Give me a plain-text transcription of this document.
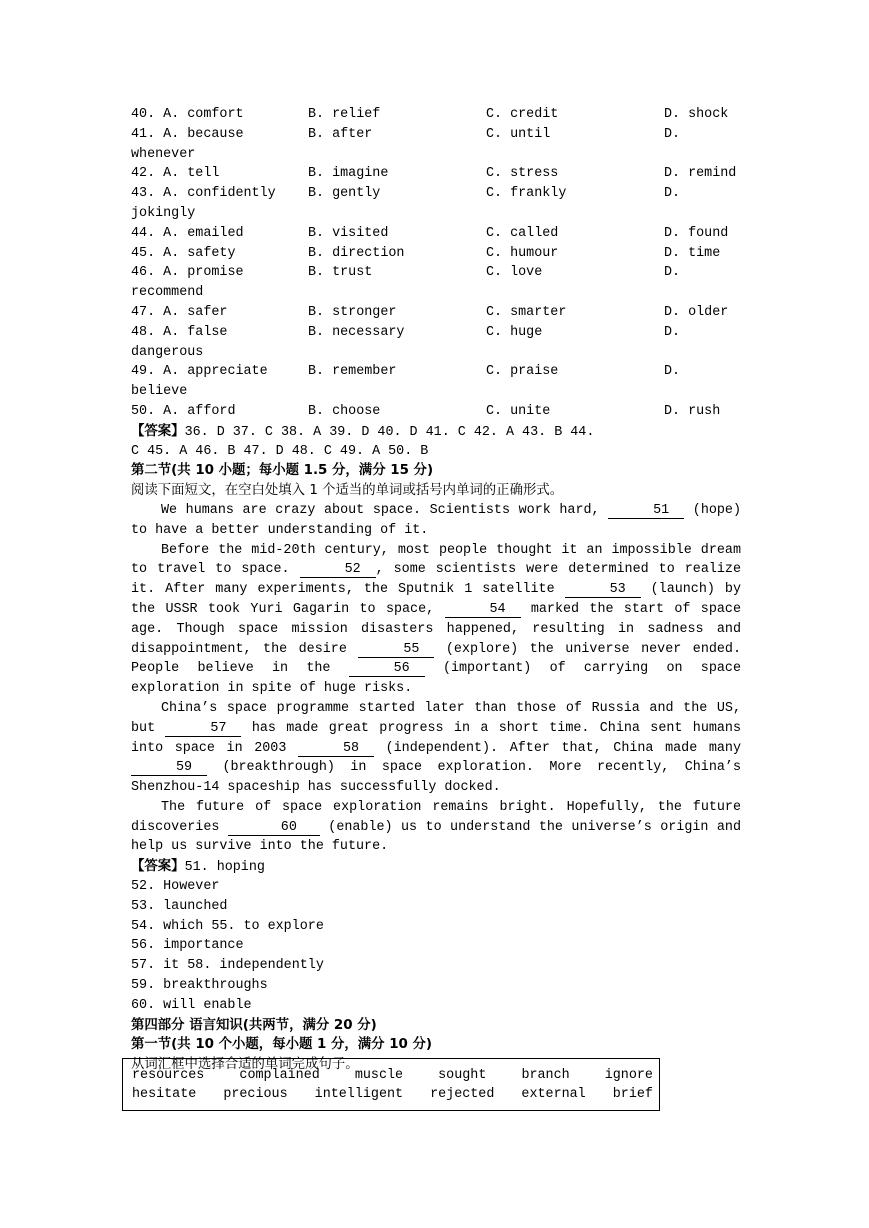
40. A. comfort	B. relief	C. credit	D. shock
41. A. because	B. after	C. until	D.
whenever
42. A. tell	B. imagine	C. stress	D. remind
43. A. confidently B. gently	C. frankly	D.
jokingly
44. A. emailed	B. visited	C. called	D. found
45. A. safety	B. direction	C. humour	D. time
46. A. promise	B. trust	C. love	D.
recommend
47. A. safer	B. stronger	C. smarter	D. older
48. A. false	B. necessary	C. huge	D.
dangerous
49. A. appreciate	B. remember	C. praise	D.
believe
50. A. afford	B. choose	C. unite	D. rush
【答案】36. D 37. C 38. A 39. D 40. D 41. C 42. A 43. B 44.
C 45. A 46. B 47. D 48. C 49. A 50. B
第二节(共 10 小题；每小题 1.5 分，满分 15 分)
阅读下面短文，在空白处填入 1 个适当的单词或括号内单词的正确形式。

We humans are crazy about space. Scientists work hard,	51 (hope) to have a better understanding of it.

Before the mid-20th century, most people thought it an impossible dream to travel to space.	52 , some scientists were determined to realize it. After many experiments, the Sputnik 1 satellite	53 (launch) by the USSR took Yuri Gagarin to space,	54 marked the start of space age. Though space mission disasters happened, resulting in sadness and disappointment, the desire	55 (explore) the universe never ended. People believe in the	56 (important) of carrying on space exploration in spite of huge risks.

China’s space programme started later than those of Russia and the US, but	57 has made great progress in a short time. China sent humans into space in 2003	58 (independent). After that, China made many 59 (breakthrough) in space exploration. More recently, China’s Shenzhou-14 spaceship has successfully docked.

The future of space exploration remains bright. Hopefully, the future discoveries	60 (enable) us to understand the universe’s origin and help us survive into the future.

【答案】51. hoping
52. However
53. launched
54. which 55. to explore
56. importance
57. it 58. independently
59. breakthroughs
60. will enable
第四部分 语言知识(共两节，满分 20 分)
第一节(共 10 个小题，每小题 1 分，满分 10 分)
从词汇框中选择合适的单词完成句子。
resources	complained	muscle	sought	branch	ignore
hesitate precious intelligent rejected external brief
